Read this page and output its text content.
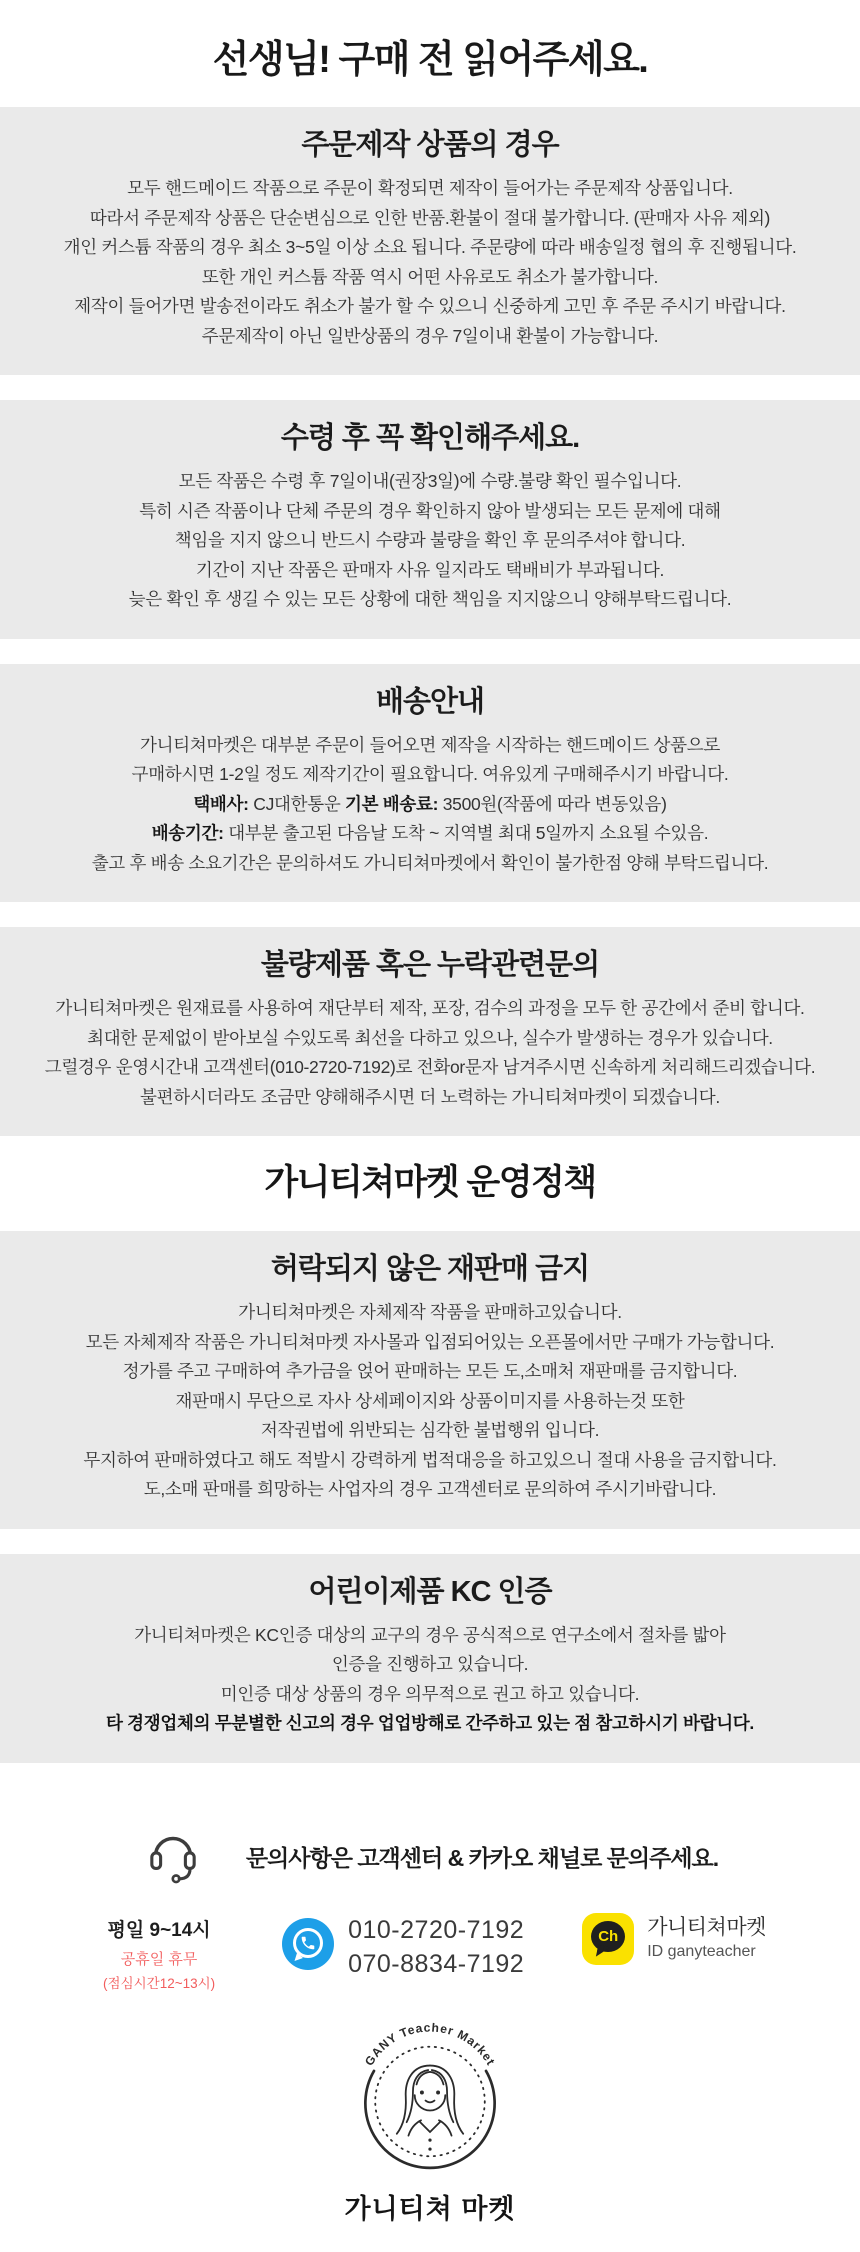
선생님! 구매 전 읽어주세요.
주문제작 상품의 경우

모두 핸드메이드 작품으로 주문이 확정되면 제작이 들어가는 주문제작 상품입니다.

따라서 주문제작 상품은 단순변심으로 인한 반품.환불이 절대 불가합니다. (판매자 사유 제외)

개인 커스튬 작품의 경우 최소 3~5일 이상 소요 됩니다. 주문량에 따라 배송일정 협의 후 진행됩니다.

또한 개인 커스튬 작품 역시 어떤 사유로도 취소가 불가합니다.

제작이 들어가면 발송전이라도 취소가 불가 할 수 있으니 신중하게 고민 후 주문 주시기 바랍니다.

주문제작이 아닌 일반상품의 경우 7일이내 환불이 가능합니다.

수령 후 꼭 확인해주세요.

모든 작품은 수령 후 7일이내(권장3일)에 수량.불량 확인 필수입니다.

특히 시즌 작품이나 단체 주문의 경우 확인하지 않아 발생되는 모든 문제에 대해

책임을 지지 않으니 반드시 수량과 불량을 확인 후 문의주셔야 합니다.

기간이 지난 작품은 판매자 사유 일지라도 택배비가 부과됩니다.

늦은 확인 후 생길 수 있는 모든 상황에 대한 책임을 지지않으니 양해부탁드립니다.

배송안내

가니티쳐마켓은 대부분 주문이 들어오면 제작을 시작하는 핸드메이드 상품으로

구매하시면 1-2일 정도 제작기간이 필요합니다. 여유있게 구매해주시기 바랍니다.

택배사: CJ대한통운 기본 배송료: 3500원(작품에 따라 변동있음)

배송기간: 대부분 출고된 다음날 도착 ~ 지역별 최대 5일까지 소요될 수있음.

출고 후 배송 소요기간은 문의하셔도 가니티쳐마켓에서 확인이 불가한점 양해 부탁드립니다.

불량제품 혹은 누락관련문의

가니티쳐마켓은 원재료를 사용하여 재단부터 제작, 포장, 검수의 과정을 모두 한 공간에서 준비 합니다.

최대한 문제없이 받아보실 수있도록 최선을 다하고 있으나, 실수가 발생하는 경우가 있습니다.

그럴경우 운영시간내 고객센터(010-2720-7192)로 전화or문자 남겨주시면 신속하게 처리해드리겠습니다.

불편하시더라도 조금만 양해해주시면 더 노력하는 가니티쳐마켓이 되겠습니다.

가니티쳐마켓 운영정책
허락되지 않은 재판매 금지

가니티쳐마켓은 자체제작 작품을 판매하고있습니다.

모든 자체제작 작품은 가니티쳐마켓 자사몰과 입점되어있는 오픈몰에서만 구매가 가능합니다.

정가를 주고 구매하여 추가금을 얹어 판매하는 모든 도,소매처 재판매를 금지합니다.

재판매시 무단으로 자사 상세페이지와 상품이미지를 사용하는것 또한

저작권법에 위반되는 심각한 불법행위 입니다.

무지하여 판매하였다고 해도 적발시 강력하게 법적대응을 하고있으니 절대 사용을 금지합니다.

도,소매 판매를 희망하는 사업자의 경우 고객센터로 문의하여 주시기바랍니다.

어린이제품 KC 인증

가니티쳐마켓은 KC인증 대상의 교구의 경우 공식적으로 연구소에서 절차를 밟아

인증을 진행하고 있습니다.

미인증 대상 상품의 경우 의무적으로 권고 하고 있습니다.

타 경쟁업체의 무분별한 신고의 경우 업업방해로 간주하고 있는 점 참고하시기 바랍니다.

문의사항은 고객센터 & 카카오 채널로 문의주세요.

평일 9~14시

공휴일 휴무

(점심시간12~13시)

010-2720-7192

070-8834-7192

Ch	가니티쳐마켓

ID ganyteacher

GANY Teacher Market

가니티쳐 마켓
